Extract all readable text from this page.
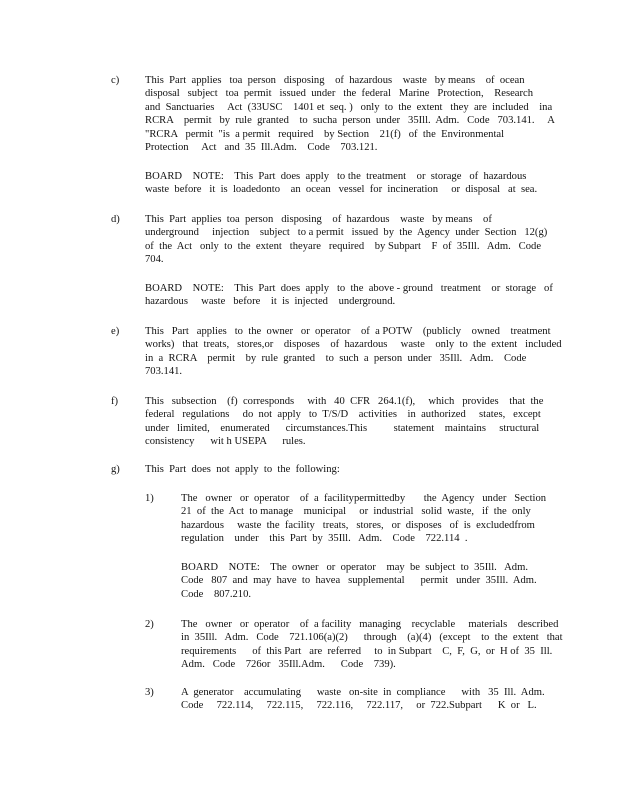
c) This  Part  applies   toa  person   disposing    of  hazardous    waste   by means    of  ocean
disposal   subject   toa  permit   issued  under   the  federal   Marine   Protection,    Research
and  Sanctuaries     Act  (33USC    1401 et  seq. )   only  to  the  extent   they  are  included    ina
RCRA    permit   by  rule  granted    to  sucha  person  under   35Ill.  Adm.   Code   703.141.     A
"RCRA   permit  "is  a permit   required    by Section    21(f)   of  the  Environmental
Protection     Act   and  35  Ill.Adm.    Code    703.121.
BOARD    NOTE:    This  Part  does  apply   to the  treatment    or  storage   of  hazardous
waste  before   it  is  loadedonto    an  ocean   vessel  for  incineration     or  disposal   at  sea.
d) This  Part  applies  toa  person   disposing    of  hazardous    waste   by means    of
underground     injection    subject   to a permit   issued  by  the  Agency  under  Section   12(g)
of  the  Act   only  to  the  extent   theyare   required    by Subpart    F  of  35Ill.   Adm.   Code
704.
BOARD    NOTE:    This  Part  does  apply   to  the  above - ground   treatment    or  storage   of
hazardous     waste   before    it  is  injected    underground.
e) This   Part   applies   to  the  owner   or  operator    of  a POTW    (publicly    owned    treatment
works)   that  treats,   stores,or    disposes    of  hazardous     waste    only  to  the  extent   included
in  a  RCRA    permit    by  rule  granted    to  such  a  person  under   35Ill.   Adm.    Code
703.141.
f)	This   subsection    (f)  corresponds     with   40  CFR   264.1(f),     which   provides    that  the
federal   regulations     do  not  apply   to  T/S/D    activities    in  authorized     states,   except
under   limited,    enumerated      circumstances.This          statement    maintains     structural
consistency      wit h USEPA      rules.
g) This  Part  does  not  apply  to  the  following:
1)	The   owner   or  operator    of  a  facilitypermittedby       the  Agency   under   Section
21  of  the  Act  to manage    municipal     or  industrial   solid  waste,   if  the  only
hazardous     waste  the  facility   treats,   stores,   or  disposes   of  is  excludedfrom
regulation    under    this  Part  by  35Ill.   Adm.    Code    722.114  .
BOARD    NOTE:    The  owner   or  operator    may  be  subject  to  35Ill.   Adm.
Code   807  and  may  have  to  havea   supplemental      permit   under  35Ill.  Adm.
Code    807.210.
2)	The   owner   or  operator    of  a facility   managing    recyclable     materials    described
in  35Ill.   Adm.   Code    721.106(a)(2)      through    (a)(4)   (except    to  the  extent   that
requirements      of  this Part   are  referred     to  in Subpart    C,  F,  G,  or  H of  35  Ill.
Adm.   Code    726or   35Ill.Adm.      Code    739).
3)	A  generator    accumulating      waste   on-site  in  compliance      with   35  Ill.  Adm.
Code     722.114,     722.115,     722.116,     722.117,     or  722.Subpart      K  or   L.
